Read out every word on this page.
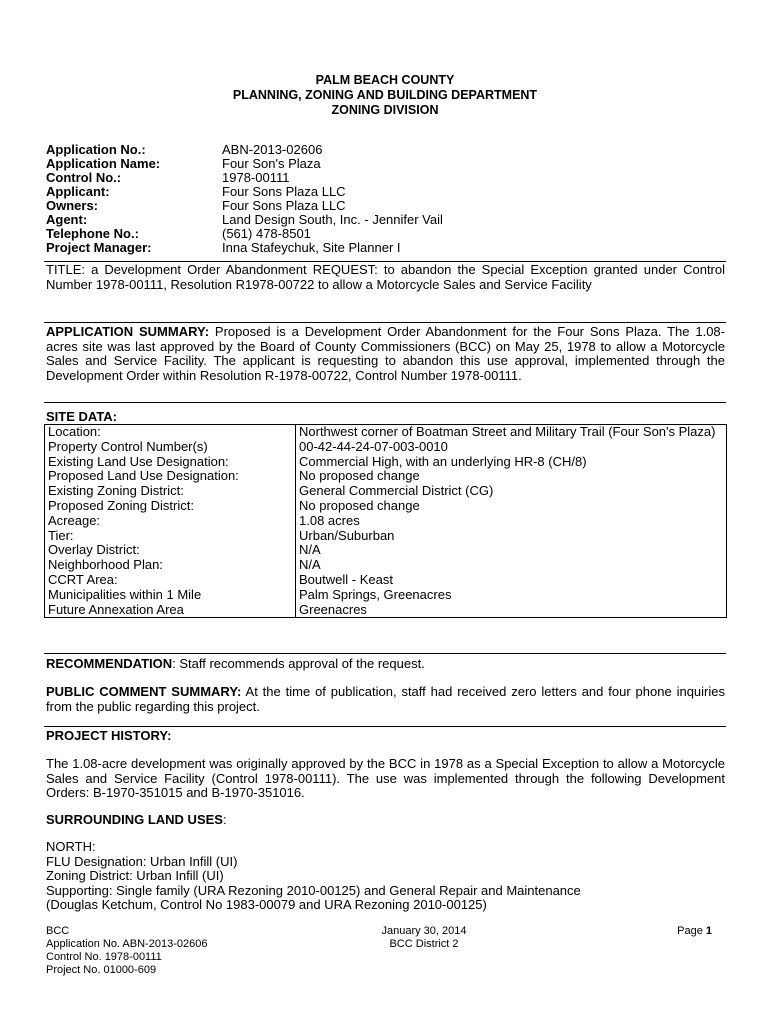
PALM BEACH COUNTY
PLANNING, ZONING AND BUILDING DEPARTMENT
ZONING DIVISION
Application No.:	ABN-2013-02606
Application Name:	Four Son's Plaza
Control No.:	1978-00111
Applicant:	Four Sons Plaza LLC
Owners:	Four Sons Plaza LLC
Agent:	Land Design South, Inc. - Jennifer Vail
Telephone No.:	(561) 478-8501
Project Manager:	Inna Stafeychuk, Site Planner I
TITLE: a Development Order Abandonment REQUEST: to abandon the Special Exception granted under Control Number 1978-00111, Resolution R1978-00722 to allow a Motorcycle Sales and Service Facility
APPLICATION SUMMARY: Proposed is a Development Order Abandonment for the Four Sons Plaza. The 1.08-acres site was last approved by the Board of County Commissioners (BCC) on May 25, 1978 to allow a Motorcycle Sales and Service Facility. The applicant is requesting to abandon this use approval, implemented through the Development Order within Resolution R-1978-00722, Control Number 1978-00111.
SITE DATA:
Location:	Northwest corner of Boatman Street and Military Trail (Four Son's Plaza)
Property Control Number(s)	00-42-44-24-07-003-0010
Existing Land Use Designation:	Commercial High, with an underlying HR-8 (CH/8)
Proposed Land Use Designation:	No proposed change
Existing Zoning District:	General Commercial District (CG)
Proposed Zoning District:	No proposed change
Acreage:	1.08 acres
Tier:	Urban/Suburban
Overlay District:	N/A
Neighborhood Plan:	N/A
CCRT Area:	Boutwell - Keast
Municipalities within 1 Mile	Palm Springs, Greenacres
Future Annexation Area	Greenacres
RECOMMENDATION: Staff recommends approval of the request.
PUBLIC COMMENT SUMMARY: At the time of publication, staff had received zero letters and four phone inquiries from the public regarding this project.
PROJECT HISTORY:
The 1.08-acre development was originally approved by the BCC in 1978 as a Special Exception to allow a Motorcycle Sales and Service Facility (Control 1978-00111). The use was implemented through the following Development Orders: B-1970-351015 and B-1970-351016.
SURROUNDING LAND USES:
NORTH:
FLU Designation: Urban Infill (UI)
Zoning District: Urban Infill (UI)
Supporting: Single family (URA Rezoning 2010-00125) and General Repair and Maintenance
(Douglas Ketchum, Control No 1983-00079 and URA Rezoning 2010-00125)
BCC
Application No. ABN-2013-02606
Control No. 1978-00111
Project No. 01000-609
January 30, 2014
BCC District 2
Page 1
